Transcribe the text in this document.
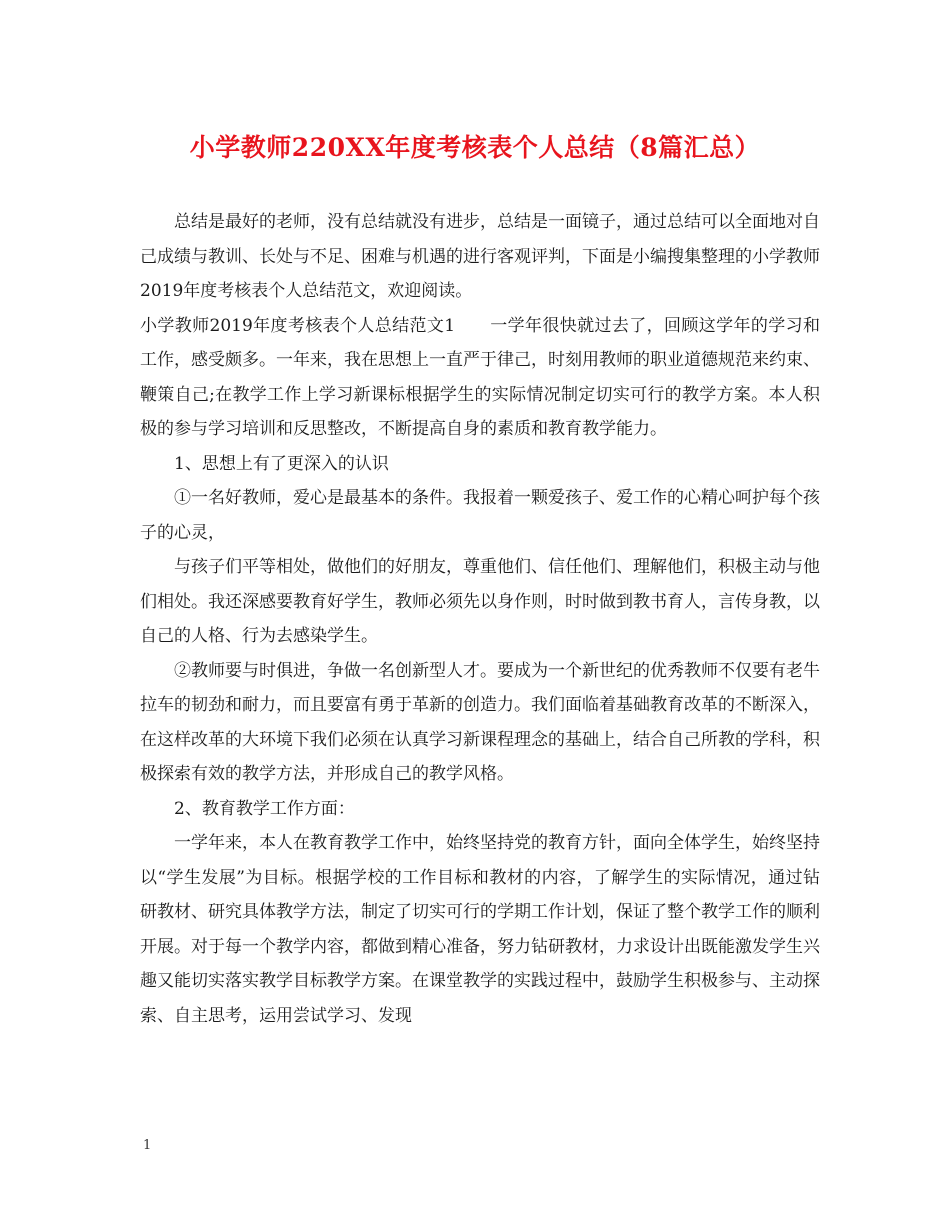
小学教师220XX年度考核表个人总结（8篇汇总）

总结是最好的老师，没有总结就没有进步，总结是一面镜子，通过总结可以全面地对自己成绩与教训、长处与不足、困难与机遇的进行客观评判，下面是小编搜集整理的小学教师2019年度考核表个人总结范文，欢迎阅读。

小学教师2019年度考核表个人总结范文1　　一学年很快就过去了，回顾这学年的学习和工作，感受颇多。一年来，我在思想上一直严于律己，时刻用教师的职业道德规范来约束、鞭策自己;在教学工作上学习新课标根据学生的实际情况制定切实可行的教学方案。本人积极的参与学习培训和反思整改，不断提高自身的素质和教育教学能力。

1、思想上有了更深入的认识

①一名好教师，爱心是最基本的条件。我报着一颗爱孩子、爱工作的心精心呵护每个孩子的心灵，

与孩子们平等相处，做他们的好朋友，尊重他们、信任他们、理解他们，积极主动与他们相处。我还深感要教育好学生，教师必须先以身作则，时时做到教书育人，言传身教，以自己的人格、行为去感染学生。

②教师要与时俱进，争做一名创新型人才。要成为一个新世纪的优秀教师不仅要有老牛拉车的韧劲和耐力，而且要富有勇于革新的创造力。我们面临着基础教育改革的不断深入，在这样改革的大环境下我们必须在认真学习新课程理念的基础上，结合自己所教的学科，积极探索有效的教学方法，并形成自己的教学风格。

2、教育教学工作方面：

一学年来，本人在教育教学工作中，始终坚持党的教育方针，面向全体学生，始终坚持以“学生发展”为目标。根据学校的工作目标和教材的内容，了解学生的实际情况，通过钻研教材、研究具体教学方法，制定了切实可行的学期工作计划，保证了整个教学工作的顺利开展。对于每一个教学内容，都做到精心准备，努力钻研教材，力求设计出既能激发学生兴趣又能切实落实教学目标教学方案。在课堂教学的实践过程中，鼓励学生积极参与、主动探索、自主思考，运用尝试学习、发现

1
